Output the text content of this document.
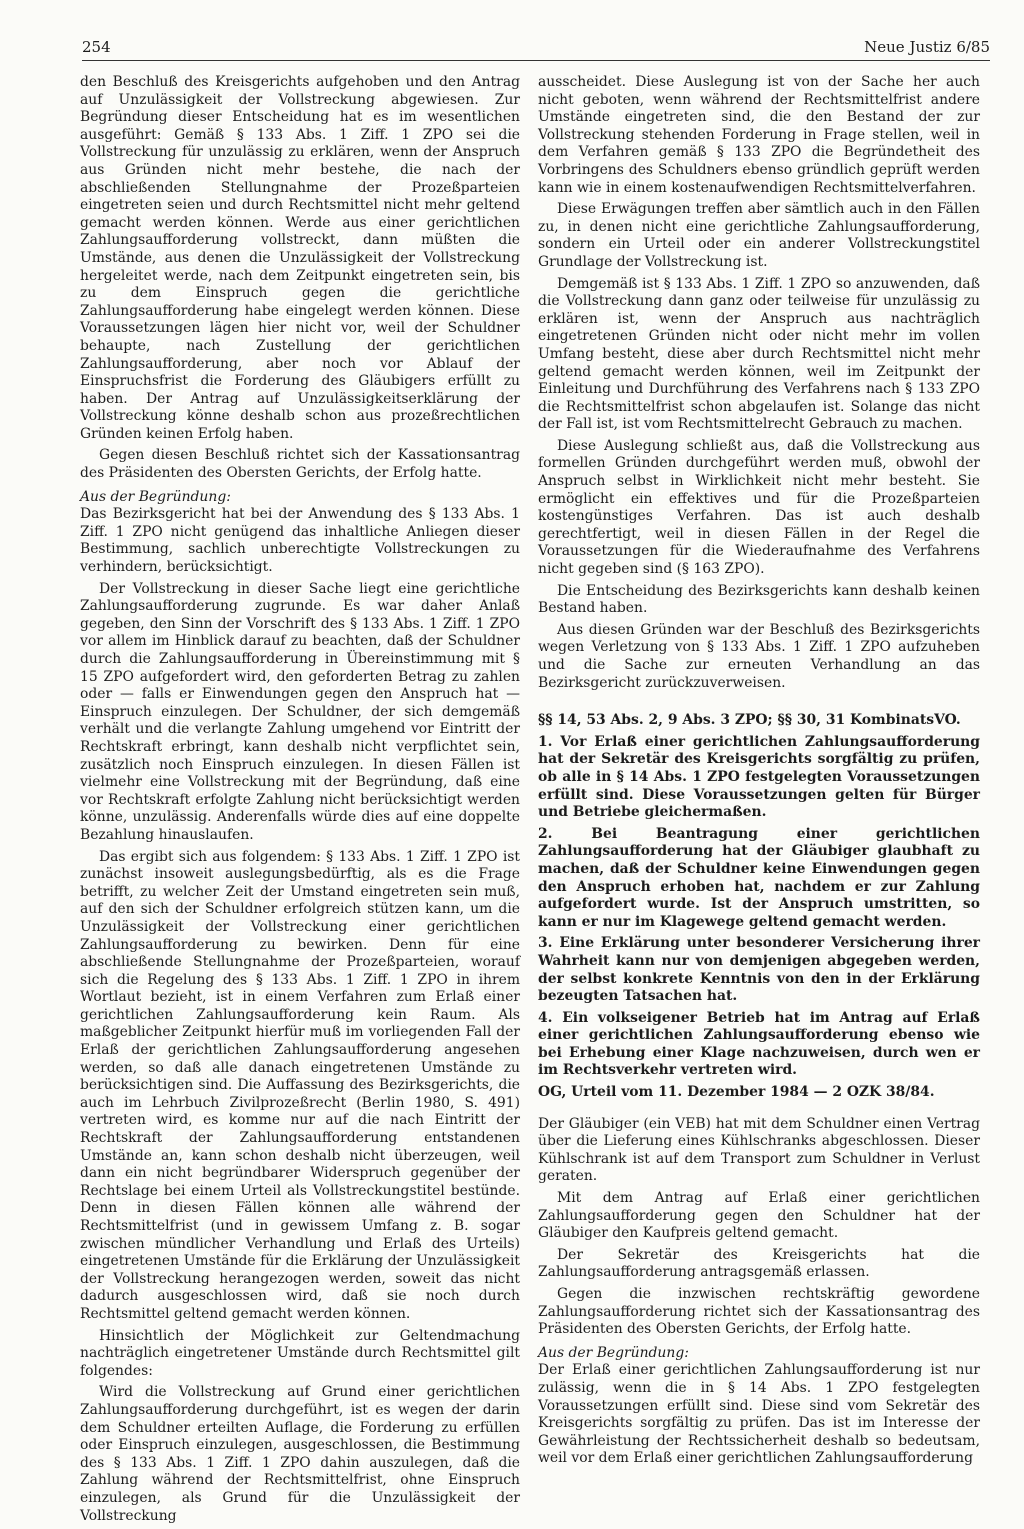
254	Neue Justiz 6/85

den Beschluß des Kreisgerichts aufgehoben und den Antrag auf Unzulässigkeit der Vollstreckung abgewiesen. Zur Begründung dieser Entscheidung hat es im wesentlichen ausgeführt: Gemäß § 133 Abs. 1 Ziff. 1 ZPO sei die Vollstreckung für unzulässig zu erklären, wenn der Anspruch aus Gründen nicht mehr bestehe, die nach der abschließenden Stellungnahme der Prozeßparteien eingetreten seien und durch Rechtsmittel nicht mehr geltend gemacht werden können. Werde aus einer gerichtlichen Zahlungsaufforderung vollstreckt, dann müßten die Umstände, aus denen die Unzulässigkeit der Vollstreckung hergeleitet werde, nach dem Zeitpunkt eingetreten sein, bis zu dem Einspruch gegen die gerichtliche Zahlungsaufforderung habe eingelegt werden können. Diese Voraussetzungen lägen hier nicht vor, weil der Schuldner behaupte, nach Zustellung der gerichtlichen Zahlungsaufforderung, aber noch vor Ablauf der Einspruchsfrist die Forderung des Gläubigers erfüllt zu haben. Der Antrag auf Unzulässigkeitserklärung der Vollstreckung könne deshalb schon aus prozeßrechtlichen Gründen keinen Erfolg haben.

Gegen diesen Beschluß richtet sich der Kassationsantrag des Präsidenten des Obersten Gerichts, der Erfolg hatte.

Aus der Begründung:

Das Bezirksgericht hat bei der Anwendung des § 133 Abs. 1 Ziff. 1 ZPO nicht genügend das inhaltliche Anliegen dieser Bestimmung, sachlich unberechtigte Vollstreckungen zu verhindern, berücksichtigt.

Der Vollstreckung in dieser Sache liegt eine gerichtliche Zahlungsaufforderung zugrunde. Es war daher Anlaß gegeben, den Sinn der Vorschrift des § 133 Abs. 1 Ziff. 1 ZPO vor allem im Hinblick darauf zu beachten, daß der Schuldner durch die Zahlungsaufforderung in Übereinstimmung mit § 15 ZPO aufgefordert wird, den geforderten Betrag zu zahlen oder — falls er Einwendungen gegen den Anspruch hat — Einspruch einzulegen. Der Schuldner, der sich demgemäß verhält und die verlangte Zahlung umgehend vor Eintritt der Rechtskraft erbringt, kann deshalb nicht verpflichtet sein, zusätzlich noch Einspruch einzulegen. In diesen Fällen ist vielmehr eine Vollstreckung mit der Begründung, daß eine vor Rechtskraft erfolgte Zahlung nicht berücksichtigt werden könne, unzulässig. Anderenfalls würde dies auf eine doppelte Bezahlung hinauslaufen.

Das ergibt sich aus folgendem: § 133 Abs. 1 Ziff. 1 ZPO ist zunächst insoweit auslegungsbedürftig, als es die Frage betrifft, zu welcher Zeit der Umstand eingetreten sein muß, auf den sich der Schuldner erfolgreich stützen kann, um die Unzulässigkeit der Vollstreckung einer gerichtlichen Zahlungsaufforderung zu bewirken. Denn für eine abschließende Stellungnahme der Prozeßparteien, worauf sich die Regelung des § 133 Abs. 1 Ziff. 1 ZPO in ihrem Wortlaut bezieht, ist in einem Verfahren zum Erlaß einer gerichtlichen Zahlungsaufforderung kein Raum. Als maßgeblicher Zeitpunkt hierfür muß im vorliegenden Fall der Erlaß der gerichtlichen Zahlungsaufforderung angesehen werden, so daß alle danach eingetretenen Umstände zu berücksichtigen sind. Die Auffassung des Bezirksgerichts, die auch im Lehrbuch Zivilprozeßrecht (Berlin 1980, S. 491) vertreten wird, es komme nur auf die nach Eintritt der Rechtskraft der Zahlungsaufforderung entstandenen Umstände an, kann schon deshalb nicht überzeugen, weil dann ein nicht begründbarer Widerspruch gegenüber der Rechtslage bei einem Urteil als Vollstreckungstitel bestünde. Denn in diesen Fällen können alle während der Rechtsmittelfrist (und in gewissem Umfang z. B. sogar zwischen mündlicher Verhandlung und Erlaß des Urteils) eingetretenen Umstände für die Erklärung der Unzulässigkeit der Vollstreckung herangezogen werden, soweit das nicht dadurch ausgeschlossen wird, daß sie noch durch Rechtsmittel geltend gemacht werden können.

Hinsichtlich der Möglichkeit zur Geltendmachung nachträglich eingetretener Umstände durch Rechtsmittel gilt folgendes:

Wird die Vollstreckung auf Grund einer gerichtlichen Zahlungsaufforderung durchgeführt, ist es wegen der darin dem Schuldner erteilten Auflage, die Forderung zu erfüllen oder Einspruch einzulegen, ausgeschlossen, die Bestimmung des § 133 Abs. 1 Ziff. 1 ZPO dahin auszulegen, daß die Zahlung während der Rechtsmittelfrist, ohne Einspruch einzulegen, als Grund für die Unzulässigkeit der Vollstreckung

ausscheidet. Diese Auslegung ist von der Sache her auch nicht geboten, wenn während der Rechtsmittelfrist andere Umstände eingetreten sind, die den Bestand der zur Vollstreckung stehenden Forderung in Frage stellen, weil in dem Verfahren gemäß § 133 ZPO die Begründetheit des Vorbringens des Schuldners ebenso gründlich geprüft werden kann wie in einem kostenaufwendigen Rechtsmittelverfahren.

Diese Erwägungen treffen aber sämtlich auch in den Fällen zu, in denen nicht eine gerichtliche Zahlungsaufforderung, sondern ein Urteil oder ein anderer Vollstreckungstitel Grundlage der Vollstreckung ist.

Demgemäß ist § 133 Abs. 1 Ziff. 1 ZPO so anzuwenden, daß die Vollstreckung dann ganz oder teilweise für unzulässig zu erklären ist, wenn der Anspruch aus nachträglich eingetretenen Gründen nicht oder nicht mehr im vollen Umfang besteht, diese aber durch Rechtsmittel nicht mehr geltend gemacht werden können, weil im Zeitpunkt der Einleitung und Durchführung des Verfahrens nach § 133 ZPO die Rechtsmittelfrist schon abgelaufen ist. Solange das nicht der Fall ist, ist vom Rechtsmittelrecht Gebrauch zu machen.

Diese Auslegung schließt aus, daß die Vollstreckung aus formellen Gründen durchgeführt werden muß, obwohl der Anspruch selbst in Wirklichkeit nicht mehr besteht. Sie ermöglicht ein effektives und für die Prozeßparteien kostengünstiges Verfahren. Das ist auch deshalb gerechtfertigt, weil in diesen Fällen in der Regel die Voraussetzungen für die Wiederaufnahme des Verfahrens nicht gegeben sind (§ 163 ZPO).

Die Entscheidung des Bezirksgerichts kann deshalb keinen Bestand haben.

Aus diesen Gründen war der Beschluß des Bezirksgerichts wegen Verletzung von § 133 Abs. 1 Ziff. 1 ZPO aufzuheben und die Sache zur erneuten Verhandlung an das Bezirksgericht zurückzuverweisen.

§§ 14, 53 Abs. 2, 9 Abs. 3 ZPO; §§ 30, 31 KombinatsVO.

1. Vor Erlaß einer gerichtlichen Zahlungsaufforderung hat der Sekretär des Kreisgerichts sorgfältig zu prüfen, ob alle in § 14 Abs. 1 ZPO festgelegten Voraussetzungen erfüllt sind. Diese Voraussetzungen gelten für Bürger und Betriebe gleichermaßen.

2. Bei Beantragung einer gerichtlichen Zahlungsaufforderung hat der Gläubiger glaubhaft zu machen, daß der Schuldner keine Einwendungen gegen den Anspruch erhoben hat, nachdem er zur Zahlung aufgefordert wurde. Ist der Anspruch umstritten, so kann er nur im Klagewege geltend gemacht werden.

3. Eine Erklärung unter besonderer Versicherung ihrer Wahrheit kann nur von demjenigen abgegeben werden, der selbst konkrete Kenntnis von den in der Erklärung bezeugten Tatsachen hat.

4. Ein volkseigener Betrieb hat im Antrag auf Erlaß einer gerichtlichen Zahlungsaufforderung ebenso wie bei Erhebung einer Klage nachzuweisen, durch wen er im Rechtsverkehr vertreten wird.

OG, Urteil vom 11. Dezember 1984 — 2 OZK 38/84.

Der Gläubiger (ein VEB) hat mit dem Schuldner einen Vertrag über die Lieferung eines Kühlschranks abgeschlossen. Dieser Kühlschrank ist auf dem Transport zum Schuldner in Verlust geraten.

Mit dem Antrag auf Erlaß einer gerichtlichen Zahlungsaufforderung gegen den Schuldner hat der Gläubiger den Kaufpreis geltend gemacht.

Der Sekretär des Kreisgerichts hat die Zahlungsaufforderung antragsgemäß erlassen.

Gegen die inzwischen rechtskräftig gewordene Zahlungsaufforderung richtet sich der Kassationsantrag des Präsidenten des Obersten Gerichts, der Erfolg hatte.

Aus der Begründung:

Der Erlaß einer gerichtlichen Zahlungsaufforderung ist nur zulässig, wenn die in § 14 Abs. 1 ZPO festgelegten Voraussetzungen erfüllt sind. Diese sind vom Sekretär des Kreisgerichts sorgfältig zu prüfen. Das ist im Interesse der Gewährleistung der Rechtssicherheit deshalb so bedeutsam, weil vor dem Erlaß einer gerichtlichen Zahlungsaufforderung
